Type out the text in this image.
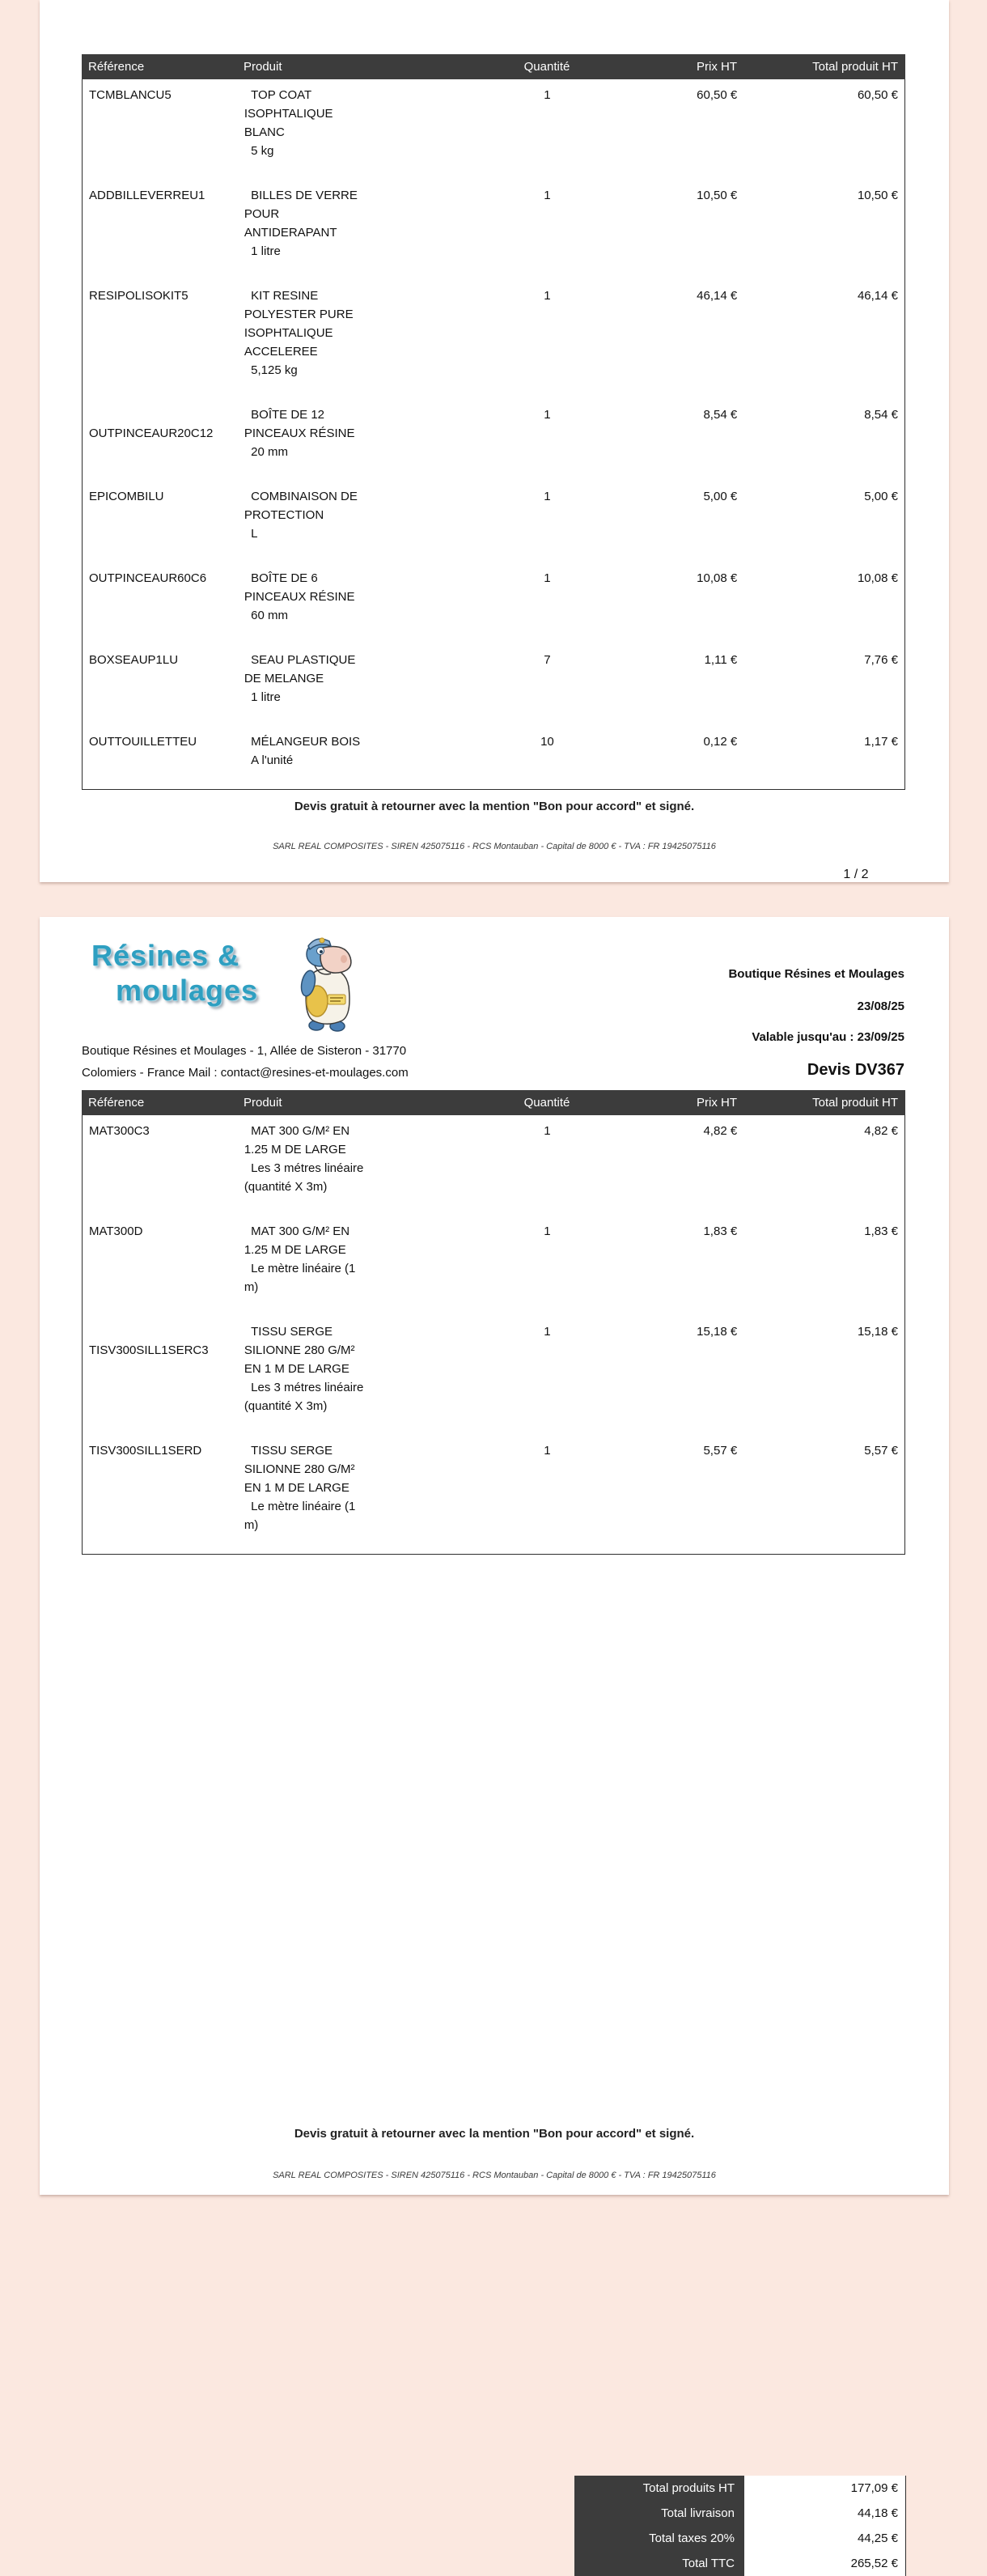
Référence	Produit	Quantité	Prix HT	Total produit HT
TCMBLANCU5	TOP COAT
ISOPHTALIQUE
BLANC
5 kg
1	60,50 €	60,50 €
ADDBILLEVERREU1	BILLES DE VERRE
POUR
ANTIDERAPANT
1 litre
1	10,50 €	10,50 €
RESIPOLISOKIT5	KIT RESINE
POLYESTER PURE
ISOPHTALIQUE
ACCELEREE
5,125 kg
1	46,14 €	46,14 €
OUTPINCEAUR20C12
BOÎTE DE 12
PINCEAUX RÉSINE
20 mm
1	8,54 €	8,54 €
EPICOMBILU	COMBINAISON DE
PROTECTION
L
1	5,00 €	5,00 €
OUTPINCEAUR60C6	BOÎTE DE 6
PINCEAUX RÉSINE
60 mm
1	10,08 €	10,08 €
BOXSEAUP1LU	SEAU PLASTIQUE
DE MELANGE
1 litre
7	1,11 €	7,76 €
OUTTOUILLETTEU	MÉLANGEUR BOIS
A l'unité
10	0,12 €	1,17 €
Devis gratuit à retourner avec la mention "Bon pour accord" et signé.
SARL REAL COMPOSITES - SIREN 425075116 - RCS Montauban - Capital de 8000 € - TVA : FR 19425075116
1 / 2
Résines &
moulages
Boutique Résines et Moulages - 1, Allée de Sisteron - 31770
Colomiers - France Mail : contact@resines-et-moulages.com
Boutique Résines et Moulages
23/08/25
Valable jusqu'au : 23/09/25
Devis DV367
Référence	Produit	Quantité	Prix HT	Total produit HT
MAT300C3	MAT 300 G/M² EN
1.25 M DE LARGE
Les 3 métres linéaire
(quantité X 3m)
1	4,82 €	4,82 €
MAT300D	MAT 300 G/M² EN
1.25 M DE LARGE
Le mètre linéaire (1
m)
1	1,83 €	1,83 €
TISV300SILL1SERC3
TISSU SERGE
SILIONNE 280 G/M²
EN 1 M DE LARGE
Les 3 métres linéaire
(quantité X 3m)
1	15,18 €	15,18 €
TISV300SILL1SERD	TISSU SERGE
SILIONNE 280 G/M²
EN 1 M DE LARGE
Le mètre linéaire (1
m)
1	5,57 €	5,57 €
Total produits HT	177,09 €
Total livraison	44,18 €
Total taxes 20%	44,25 €
Total TTC	265,52 €
Devis gratuit à retourner avec la mention "Bon pour accord" et signé.
SARL REAL COMPOSITES - SIREN 425075116 - RCS Montauban - Capital de 8000 € - TVA : FR 19425075116
